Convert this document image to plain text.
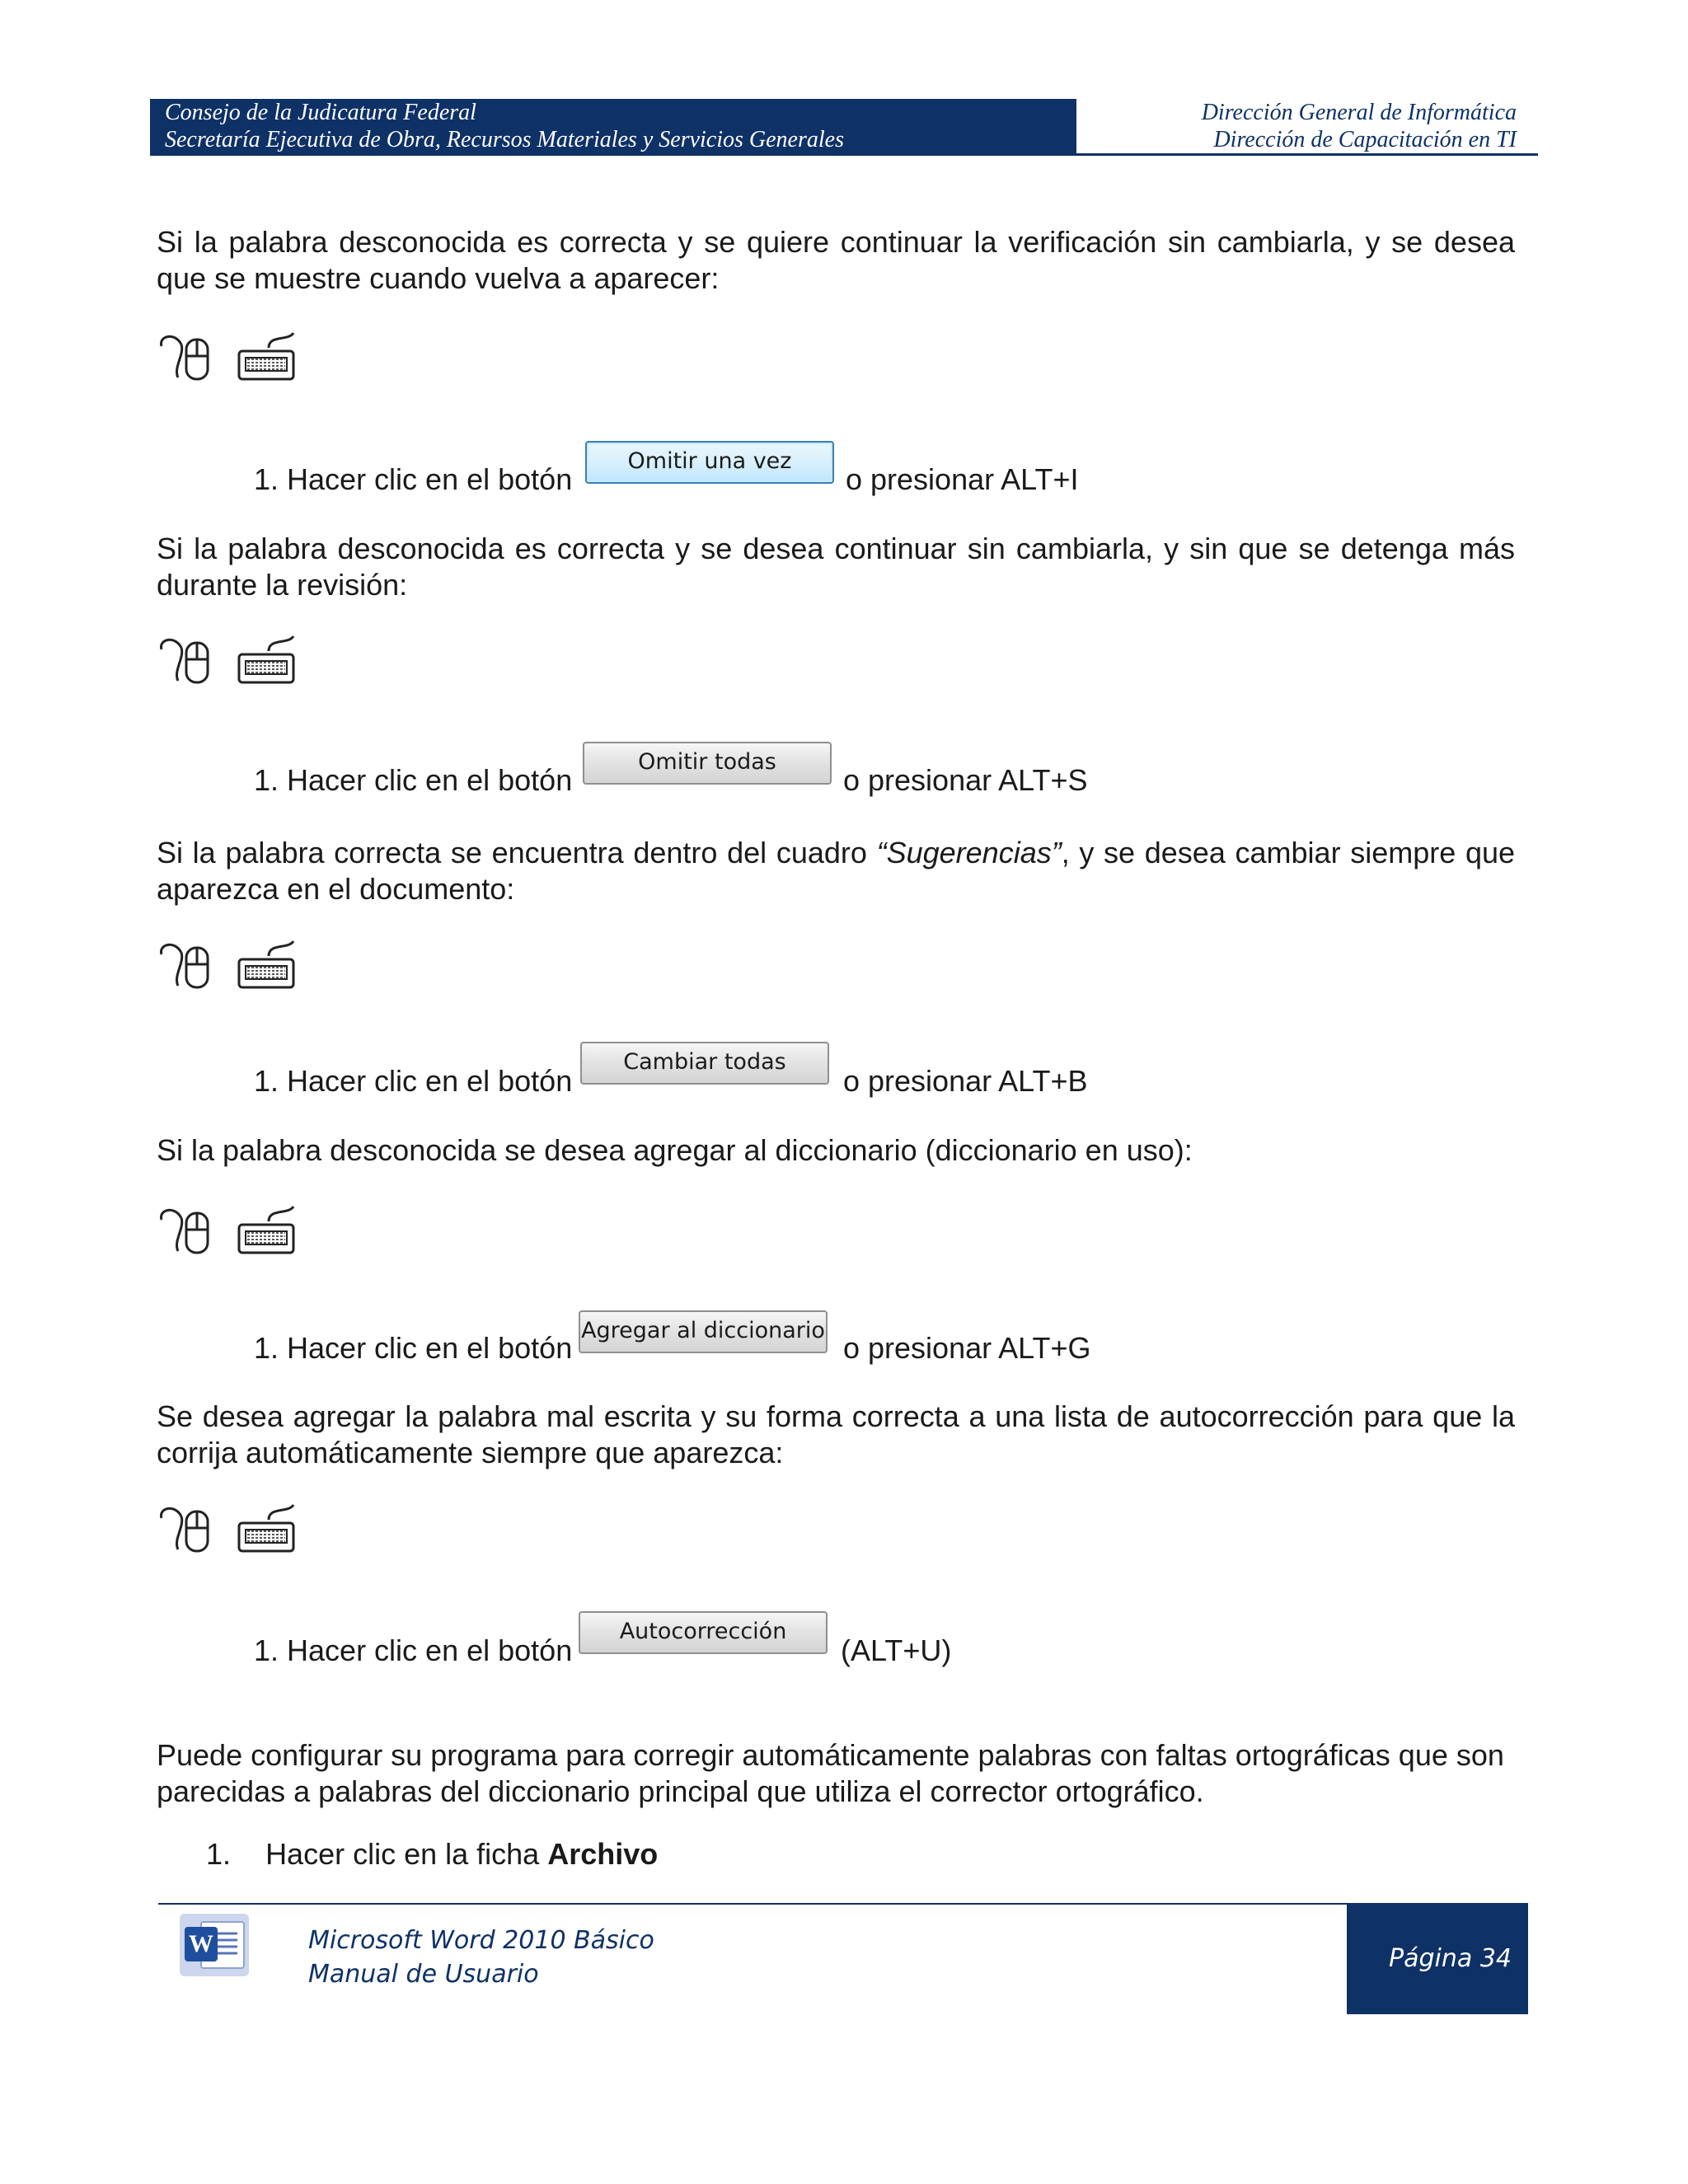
Consejo de la Judicatura Federal
Secretaría Ejecutiva de Obra, Recursos Materiales y Servicios Generales
Dirección General de Informática
Dirección de Capacitación en TI

Si la palabra desconocida es correcta y se quiere continuar la verificación sin cambiarla, y se desea que se muestre cuando vuelva a aparecer:

1. Hacer clic en el botón
Omitir una vez
o presionar ALT+I

Si la palabra desconocida es correcta y se desea continuar sin cambiarla, y sin que se detenga más durante la revisión:

1. Hacer clic en el botón
Omitir todas
o presionar ALT+S

Si la palabra correcta se encuentra dentro del cuadro “Sugerencias”, y se desea cambiar siempre que aparezca en el documento:

1. Hacer clic en el botón
Cambiar todas
o presionar ALT+B

Si la palabra desconocida se desea agregar al diccionario (diccionario en uso):

1. Hacer clic en el botón
Agregar al diccionario
o presionar ALT+G

Se desea agregar la palabra mal escrita y su forma correcta a una lista de autocorrección para que la corrija automáticamente siempre que aparezca:

1. Hacer clic en el botón
Autocorrección
(ALT+U)

Puede configurar su programa para corregir automáticamente palabras con faltas ortográficas que son parecidas a palabras del diccionario principal que utiliza el corrector ortográfico.

1. Hacer clic en la ficha Archivo
W	Microsoft Word 2010 Básico
Manual de Usuario
Página 34
